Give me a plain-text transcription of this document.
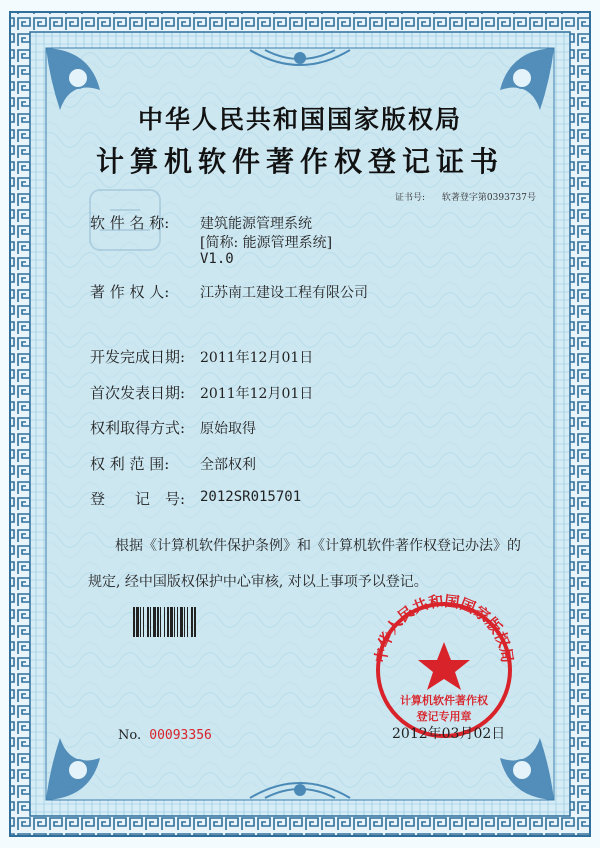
中华人民共和国国家版权局
计算机软件著作权
登记专用章
中华人民共和国国家版权局
计算机软件著作权登记证书
证书号: 软著登字第0393737号
软 件 名 称: 建筑能源管理系统
[简称: 能源管理系统]
V1.0
著 作 权 人: 江苏南工建设工程有限公司
开发完成日期: 2011年12月01日
首次发表日期: 2011年12月01日
权利取得方式: 原始取得
权 利 范 围: 全部权利
登　　记　号: 2012SR015701
根据《计算机软件保护条例》和《计算机软件著作权登记办法》的
规定, 经中国版权保护中心审核, 对以上事项予以登记。
No. 00093356	2012年03月02日
